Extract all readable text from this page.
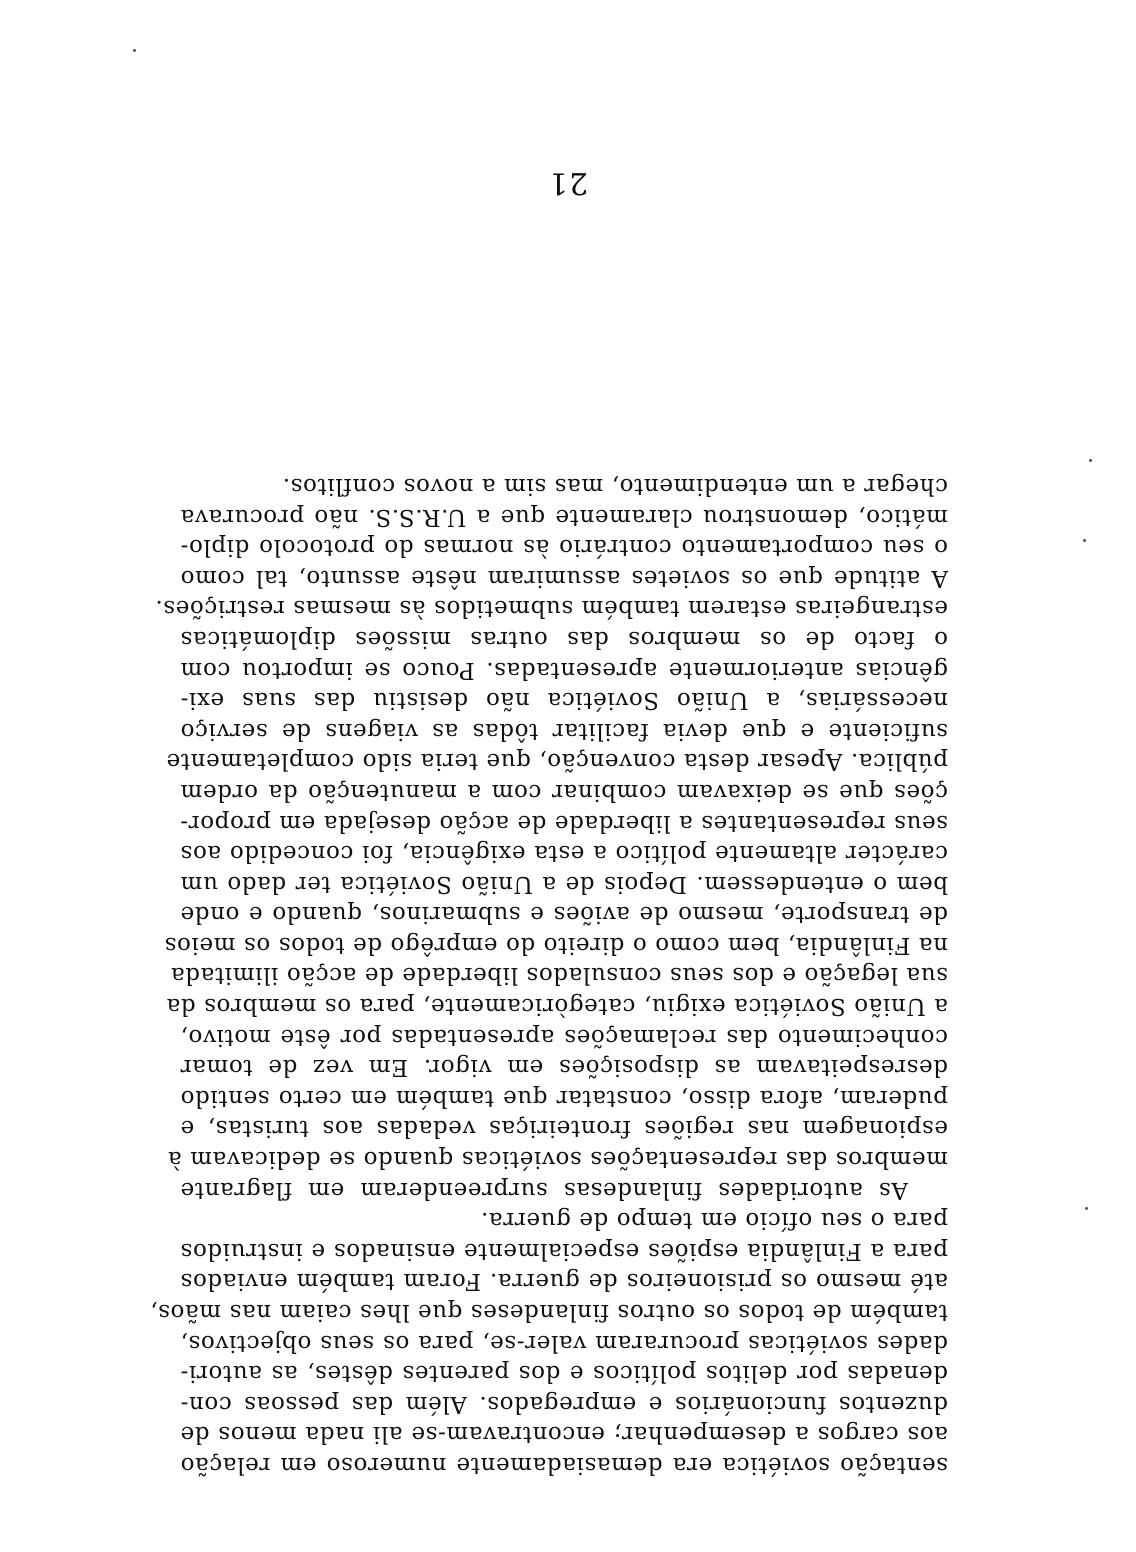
sentação soviética era demasiadamente numeroso em relação
aos cargos a desempenhar; encontravam-se ali nada menos de
duzentos funcionários e empregados. Além das pessoas con-
denadas por delitos políticos e dos parentes dêstes, as autori-
dades soviéticas procuraram valer-se, para os seus objectivos,
também de todos os outros finlandeses que lhes caiam nas mãos,
até mesmo os prisioneiros de guerra. Foram também enviados
para a Finlândia espiões especialmente ensinados e instruidos
para o seu ofício em tempo de guerra.
As autoridades finlandesas surpreenderam em flagrante
membros das representações soviéticas quando se dedicavam à
espionagem nas regiões fronteiriças vedadas aos turistas, e
puderam, afora disso, constatar que também em certo sentido
desrespeitavam as disposições em vigor. Em vez de tomar
conhecimento das reclamações apresentadas por êste motivo,
a União Soviética exigiu, categòricamente, para os membros da
sua legação e dos seus consulados liberdade de acção ilimitada
na Finlândia, bem como o direito do emprêgo de todos os meios
de transporte, mesmo de aviões e submarinos, quando e onde
bem o entendessem. Depois de a União Soviética ter dado um
carácter altamente político a esta exigência, foi concedido aos
seus representantes a liberdade de acção desejada em propor-
ções que se deixavam combinar com a manutenção da ordem
pública. Apesar desta convenção, que teria sido completamente
suficiente e que devia facilitar tôdas as viagens de serviço
necessárias, a União Soviética não desistiu das suas exi-
gências anteriormente apresentadas. Pouco se importou com
o facto de os membros das outras missões diplomáticas
estrangeiras estarem também submetidos às mesmas restrições.
A atitude que os sovietes assumiram nêste assunto, tal como
o seu comportamento contrário às normas do protocolo diplo-
mático, demonstrou claramente que a U.R.S.S. não procurava
chegar a um entendimento, mas sim a novos conflitos.
21
